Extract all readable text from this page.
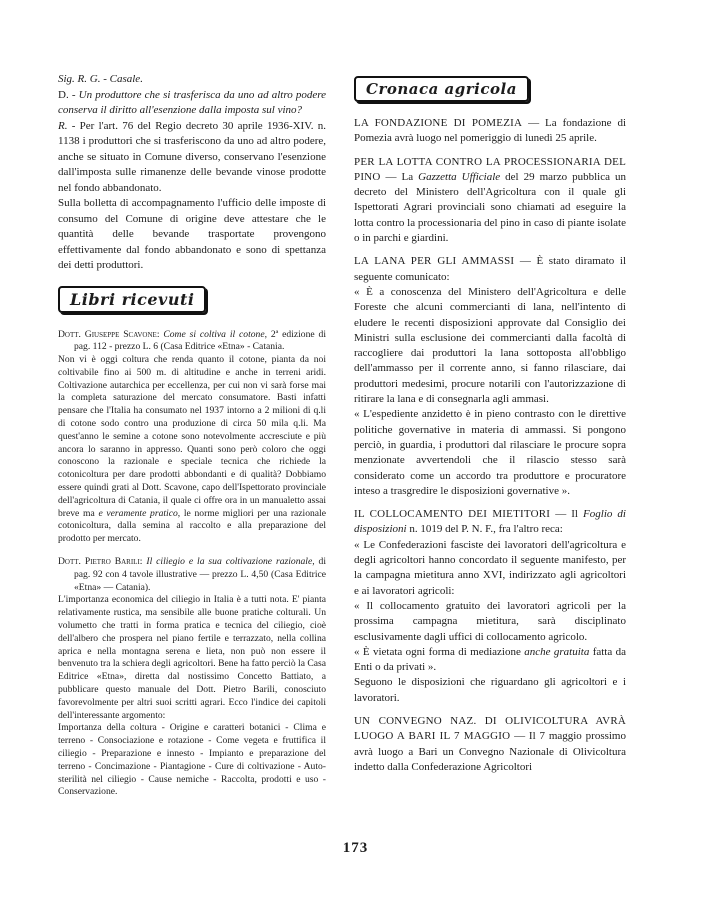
Sig. R. G. - Casale.

D. - Un produttore che si trasferisca da uno ad altro podere conserva il diritto all'esenzione dalla imposta sul vino?

R. - Per l'art. 76 del Regio decreto 30 aprile 1936-XIV. n. 1138 i produttori che si trasferiscono da uno ad altro podere, anche se situato in Comune diverso, conservano l'esenzione dall'imposta sulle rimanenze delle bevande vinose prodotte nel fondo abbandonato.

Sulla bolletta di accompagnamento l'ufficio delle imposte di consumo del Comune di origine deve attestare che le quantità delle bevande trasportate provengono effettivamente dal fondo abbandonato e sono di spettanza dei detti produttori.

Libri ricevuti

Dott. Giuseppe Scavone: Come si coltiva il cotone, 2ª edizione di pag. 112 - prezzo L. 6 (Casa Editrice «Etna» - Catania.

Non vi è oggi coltura che renda quanto il cotone, pianta da noi coltivabile fino ai 500 m. di altitudine e anche in terreni aridi. Coltivazione autarchica per eccellenza, per cui non vi sarà forse mai la completa saturazione del mercato consumatore. Basti infatti pensare che l'Italia ha consumato nel 1937 intorno a 2 milioni di q.li di cotone sodo contro una produzione di circa 50 mila q.li. Ma quest'anno le semine a cotone sono notevolmente accresciute e più ancora lo saranno in appresso. Quanti sono però coloro che oggi conoscono la razionale e speciale tecnica che richiede la cotonicoltura per dare prodotti abbondanti e di qualità? Dobbiamo essere quindi grati al Dott. Scavone, capo dell'Ispettorato provinciale dell'agricoltura di Catania, il quale ci offre ora in un manualetto assai breve ma e veramente pratico, le norme migliori per una razionale cotonicoltura, dalla semina al raccolto e alla preparazione del prodotto per mercato.

Dott. Pietro Barili: Il ciliegio e la sua coltivazione razionale, di pag. 92 con 4 tavole illustrative — prezzo L. 4,50 (Casa Editrice «Etna» — Catania).

L'importanza economica del ciliegio in Italia è a tutti nota. E' pianta relativamente rustica, ma sensibile alle buone pratiche colturali. Un volumetto che tratti in forma pratica e tecnica del ciliegio, cioè dell'albero che prospera nel piano fertile e terrazzato, nella collina aprica e nella montagna serena e lieta, non può non essere il benvenuto tra la schiera degli agricoltori. Bene ha fatto perciò la Casa Editrice «Etna», diretta dal nostissimo Concetto Battiato, a pubblicare questo manuale del Dott. Pietro Barili, conosciuto favorevolmente per altri suoi scritti agrari. Ecco l'indice dei capitoli dell'interessante argomento:

Importanza della coltura - Origine e caratteri botanici - Clima e terreno - Consociazione e rotazione - Come vegeta e fruttifica il ciliegio - Preparazione e innesto - Impianto e preparazione del terreno - Concimazione - Piantagione - Cure di coltivazione - Auto-sterilità nel ciliegio - Cause nemiche - Raccolta, prodotti e uso - Conservazione.

Cronaca agricola

LA FONDAZIONE DI POMEZIA — La fondazione di Pomezia avrà luogo nel pomeriggio di lunedì 25 aprile.

PER LA LOTTA CONTRO LA PROCESSIONARIA DEL PINO — La Gazzetta Ufficiale del 29 marzo pubblica un decreto del Ministero dell'Agricoltura con il quale gli Ispettorati Agrari provinciali sono chiamati ad eseguire la lotta contro la processionaria del pino in caso di piante isolate o in parchi e giardini.

LA LANA PER GLI AMMASSI — È stato diramato il seguente comunicato:

« È a conoscenza del Ministero dell'Agricoltura e delle Foreste che alcuni commercianti di lana, nell'intento di eludere le recenti disposizioni approvate dal Consiglio dei Ministri sulla esclusione dei commercianti dalla facoltà di raccogliere dai produttori la lana sottoposta all'obbligo dell'ammasso per il corrente anno, si fanno rilasciare, dai produttori medesimi, procure notarili con l'autorizzazione di ritirare la lana e di consegnarla agli ammasi.

« L'espediente anzidetto è in pieno contrasto con le direttive politiche governative in materia di ammassi. Si pongono perciò, in guardia, i produttori dal rilasciare le procure sopra menzionate avvertendoli che il rilascio stesso sarà considerato come un accordo tra produttore e procuratore inteso a trasgredire le disposizioni governative ».

IL COLLOCAMENTO DEI MIETITORI — Il Foglio di disposizioni n. 1019 del P. N. F., fra l'altro reca:

« Le Confederazioni fasciste dei lavoratori dell'agricoltura e degli agricoltori hanno concordato il seguente manifesto, per la campagna mietitura anno XVI, indirizzato agli agricoltori e ai lavoratori agricoli:

« Il collocamento gratuito dei lavoratori agricoli per la prossima campagna mietitura, sarà disciplinato esclusivamente dagli uffici di collocamento agricolo.

« È vietata ogni forma di mediazione anche gratuita fatta da Enti o da privati ».

Seguono le disposizioni che riguardano gli agricoltori e i lavoratori.

UN CONVEGNO NAZ. DI OLIVICOLTURA AVRÀ LUOGO A BARI IL 7 MAGGIO — Il 7 maggio prossimo avrà luogo a Bari un Convegno Nazionale di Olivicoltura indetto dalla Confederazione Agricoltori

173
